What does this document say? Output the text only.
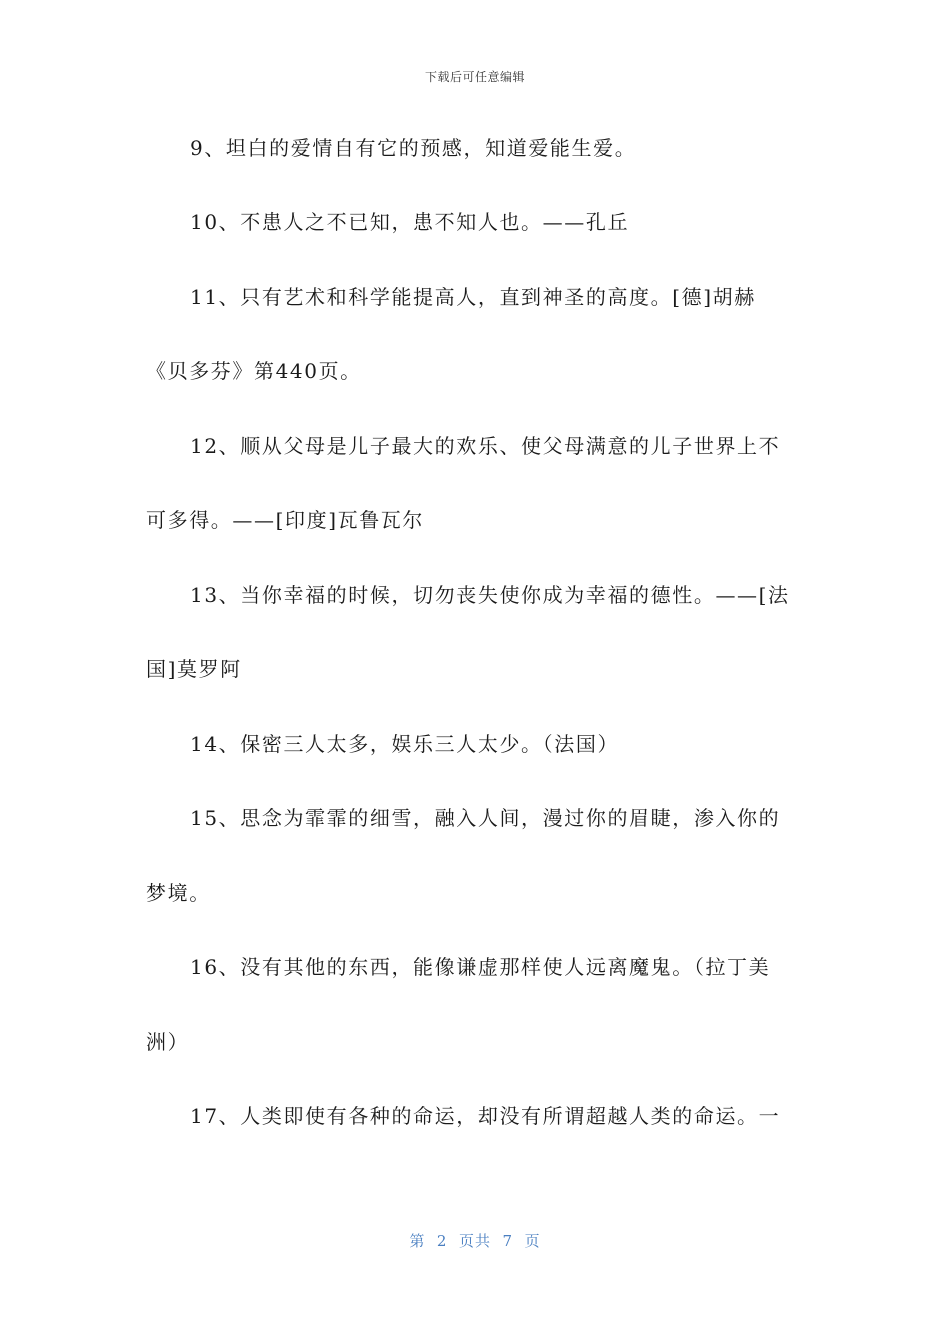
下载后可任意编辑
9、坦白的爱情自有它的预感，知道爱能生爱。
10、不患人之不已知，患不知人也。——孔丘
11、只有艺术和科学能提高人，直到神圣的高度。[德]胡赫
《贝多芬》第440页。
12、顺从父母是儿子最大的欢乐、使父母满意的儿子世界上不
可多得。——[印度]瓦鲁瓦尔
13、当你幸福的时候，切勿丧失使你成为幸福的德性。——[法
国]莫罗阿
14、保密三人太多，娱乐三人太少。（法国）
15、思念为霏霏的细雪，融入人间，漫过你的眉睫，渗入你的
梦境。
16、没有其他的东西，能像谦虚那样使人远离魔鬼。（拉丁美
洲）
17、人类即使有各种的命运，却没有所谓超越人类的命运。一
第  2  页共  7  页
